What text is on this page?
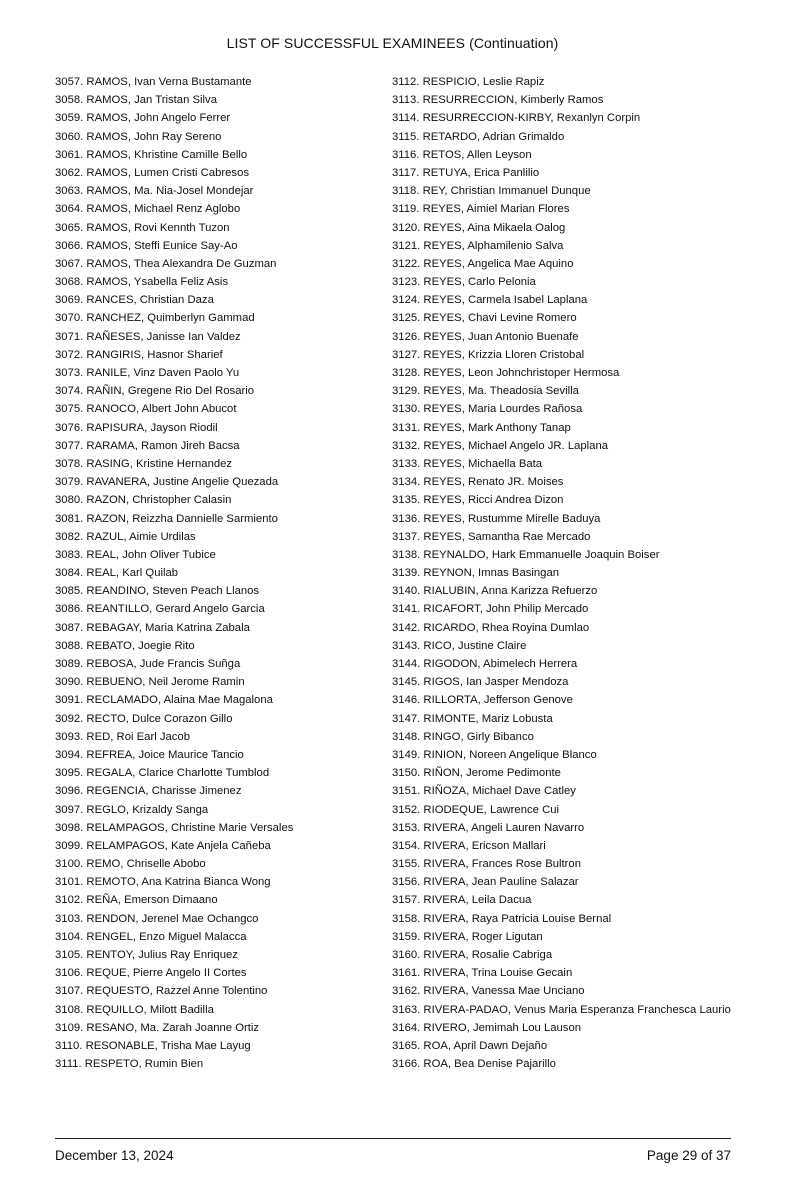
LIST OF SUCCESSFUL EXAMINEES (Continuation)
3057. RAMOS, Ivan Verna Bustamante
3058. RAMOS, Jan Tristan Silva
3059. RAMOS, John Angelo Ferrer
3060. RAMOS, John Ray Sereno
3061. RAMOS, Khristine Camille Bello
3062. RAMOS, Lumen Cristi Cabresos
3063. RAMOS, Ma. Nia-Josel Mondejar
3064. RAMOS, Michael Renz Aglobo
3065. RAMOS, Rovi Kennth Tuzon
3066. RAMOS, Steffi Eunice Say-Ao
3067. RAMOS, Thea Alexandra De Guzman
3068. RAMOS, Ysabella Feliz Asis
3069. RANCES, Christian Daza
3070. RANCHEZ, Quimberlyn Gammad
3071. RAÑESES, Janisse Ian Valdez
3072. RANGIRIS, Hasnor Sharief
3073. RANILE, Vinz Daven Paolo Yu
3074. RAÑIN, Gregene Rio Del Rosario
3075. RANOCO, Albert John Abucot
3076. RAPISURA, Jayson Riodil
3077. RARAMA, Ramon Jireh Bacsa
3078. RASING, Kristine Hernandez
3079. RAVANERA, Justine Angelie Quezada
3080. RAZON, Christopher Calasin
3081. RAZON, Reizzha Dannielle Sarmiento
3082. RAZUL, Aimie Urdilas
3083. REAL, John Oliver Tubice
3084. REAL, Karl Quilab
3085. REANDINO, Steven Peach Llanos
3086. REANTILLO, Gerard Angelo Garcia
3087. REBAGAY, Maria Katrina Zabala
3088. REBATO, Joegie Rito
3089. REBOSA, Jude Francis Suñga
3090. REBUENO, Neil Jerome Ramin
3091. RECLAMADO, Alaina Mae Magalona
3092. RECTO, Dulce Corazon Gillo
3093. RED, Roi Earl Jacob
3094. REFREA, Joice Maurice Tancio
3095. REGALA, Clarice Charlotte Tumblod
3096. REGENCIA, Charisse Jimenez
3097. REGLO, Krizaldy Sanga
3098. RELAMPAGOS, Christine Marie Versales
3099. RELAMPAGOS, Kate Anjela Cañeba
3100. REMO, Chriselle Abobo
3101. REMOTO, Ana Katrina Bianca Wong
3102. REÑA, Emerson Dimaano
3103. RENDON, Jerenel Mae Ochangco
3104. RENGEL, Enzo Miguel Malacca
3105. RENTOY, Julius Ray Enriquez
3106. REQUE, Pierre Angelo II Cortes
3107. REQUESTO, Razzel Anne Tolentino
3108. REQUILLO, Milott Badilla
3109. RESANO, Ma. Zarah Joanne Ortiz
3110. RESONABLE, Trisha Mae Layug
3111. RESPETO, Rumin Bien
3112. RESPICIO, Leslie Rapiz
3113. RESURRECCION, Kimberly Ramos
3114. RESURRECCION-KIRBY, Rexanlyn Corpin
3115. RETARDO, Adrian Grimaldo
3116. RETOS, Allen Leyson
3117. RETUYA, Erica Panlilio
3118. REY, Christian Immanuel Dunque
3119. REYES, Aimiel Marian Flores
3120. REYES, Aina Mikaela Oalog
3121. REYES, Alphamilenio Salva
3122. REYES, Angelica Mae Aquino
3123. REYES, Carlo Pelonia
3124. REYES, Carmela Isabel Laplana
3125. REYES, Chavi Levine Romero
3126. REYES, Juan Antonio Buenafe
3127. REYES, Krizzia Lloren Cristobal
3128. REYES, Leon Johnchristoper Hermosa
3129. REYES, Ma. Theadosia Sevilla
3130. REYES, Maria Lourdes Rañosa
3131. REYES, Mark Anthony Tanap
3132. REYES, Michael Angelo JR. Laplana
3133. REYES, Michaella Bata
3134. REYES, Renato JR. Moises
3135. REYES, Ricci Andrea Dizon
3136. REYES, Rustumme Mirelle Baduya
3137. REYES, Samantha Rae Mercado
3138. REYNALDO, Hark Emmanuelle Joaquin Boiser
3139. REYNON, Imnas Basingan
3140. RIALUBIN, Anna Karizza Refuerzo
3141. RICAFORT, John Philip Mercado
3142. RICARDO, Rhea Royina Dumlao
3143. RICO, Justine Claire
3144. RIGODON, Abimelech Herrera
3145. RIGOS, Ian Jasper Mendoza
3146. RILLORTA, Jefferson Genove
3147. RIMONTE, Mariz Lobusta
3148. RINGO, Girly Bibanco
3149. RINION, Noreen Angelique Blanco
3150. RIÑON, Jerome Pedimonte
3151. RIÑOZA, Michael Dave Catley
3152. RIODEQUE, Lawrence Cui
3153. RIVERA, Angeli Lauren Navarro
3154. RIVERA, Ericson Mallari
3155. RIVERA, Frances Rose Bultron
3156. RIVERA, Jean Pauline Salazar
3157. RIVERA, Leila Dacua
3158. RIVERA, Raya Patricia Louise Bernal
3159. RIVERA, Roger Ligutan
3160. RIVERA, Rosalie Cabriga
3161. RIVERA, Trina Louise Gecain
3162. RIVERA, Vanessa Mae Unciano
3163. RIVERA-PADAO, Venus Maria Esperanza Franchesca Laurio
3164. RIVERO, Jemimah Lou Lauson
3165. ROA, April Dawn Dejaño
3166. ROA, Bea Denise Pajarillo
December 13, 2024	Page 29 of 37
